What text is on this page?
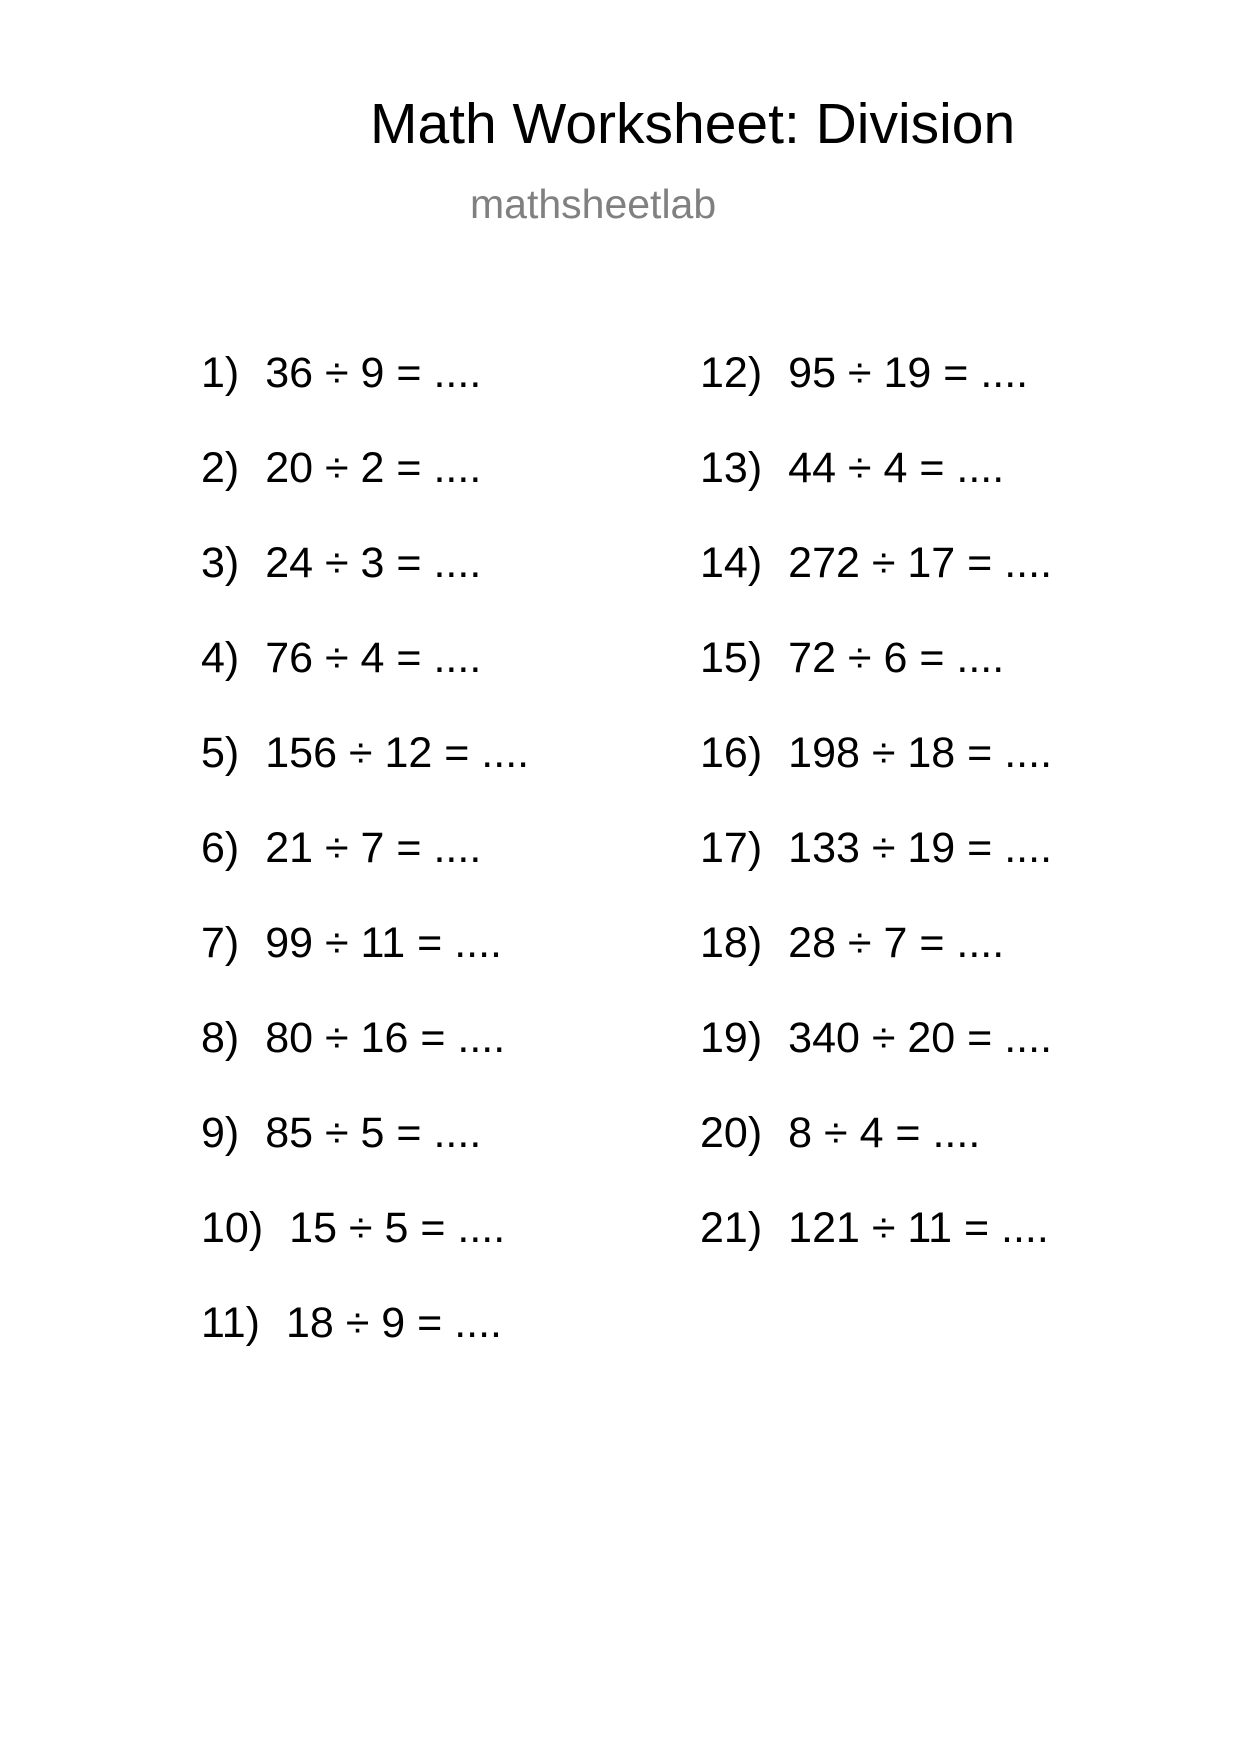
Math Worksheet: Division
mathsheetlab
1) 36 ÷ 9 = ....
2) 20 ÷ 2 = ....
3) 24 ÷ 3 = ....
4) 76 ÷ 4 = ....
5) 156 ÷ 12 = ....
6) 21 ÷ 7 = ....
7) 99 ÷ 11 = ....
8) 80 ÷ 16 = ....
9) 85 ÷ 5 = ....
10) 15 ÷ 5 = ....
11) 18 ÷ 9 = ....
12) 95 ÷ 19 = ....
13) 44 ÷ 4 = ....
14) 272 ÷ 17 = ....
15) 72 ÷ 6 = ....
16) 198 ÷ 18 = ....
17) 133 ÷ 19 = ....
18) 28 ÷ 7 = ....
19) 340 ÷ 20 = ....
20) 8 ÷ 4 = ....
21) 121 ÷ 11 = ....
